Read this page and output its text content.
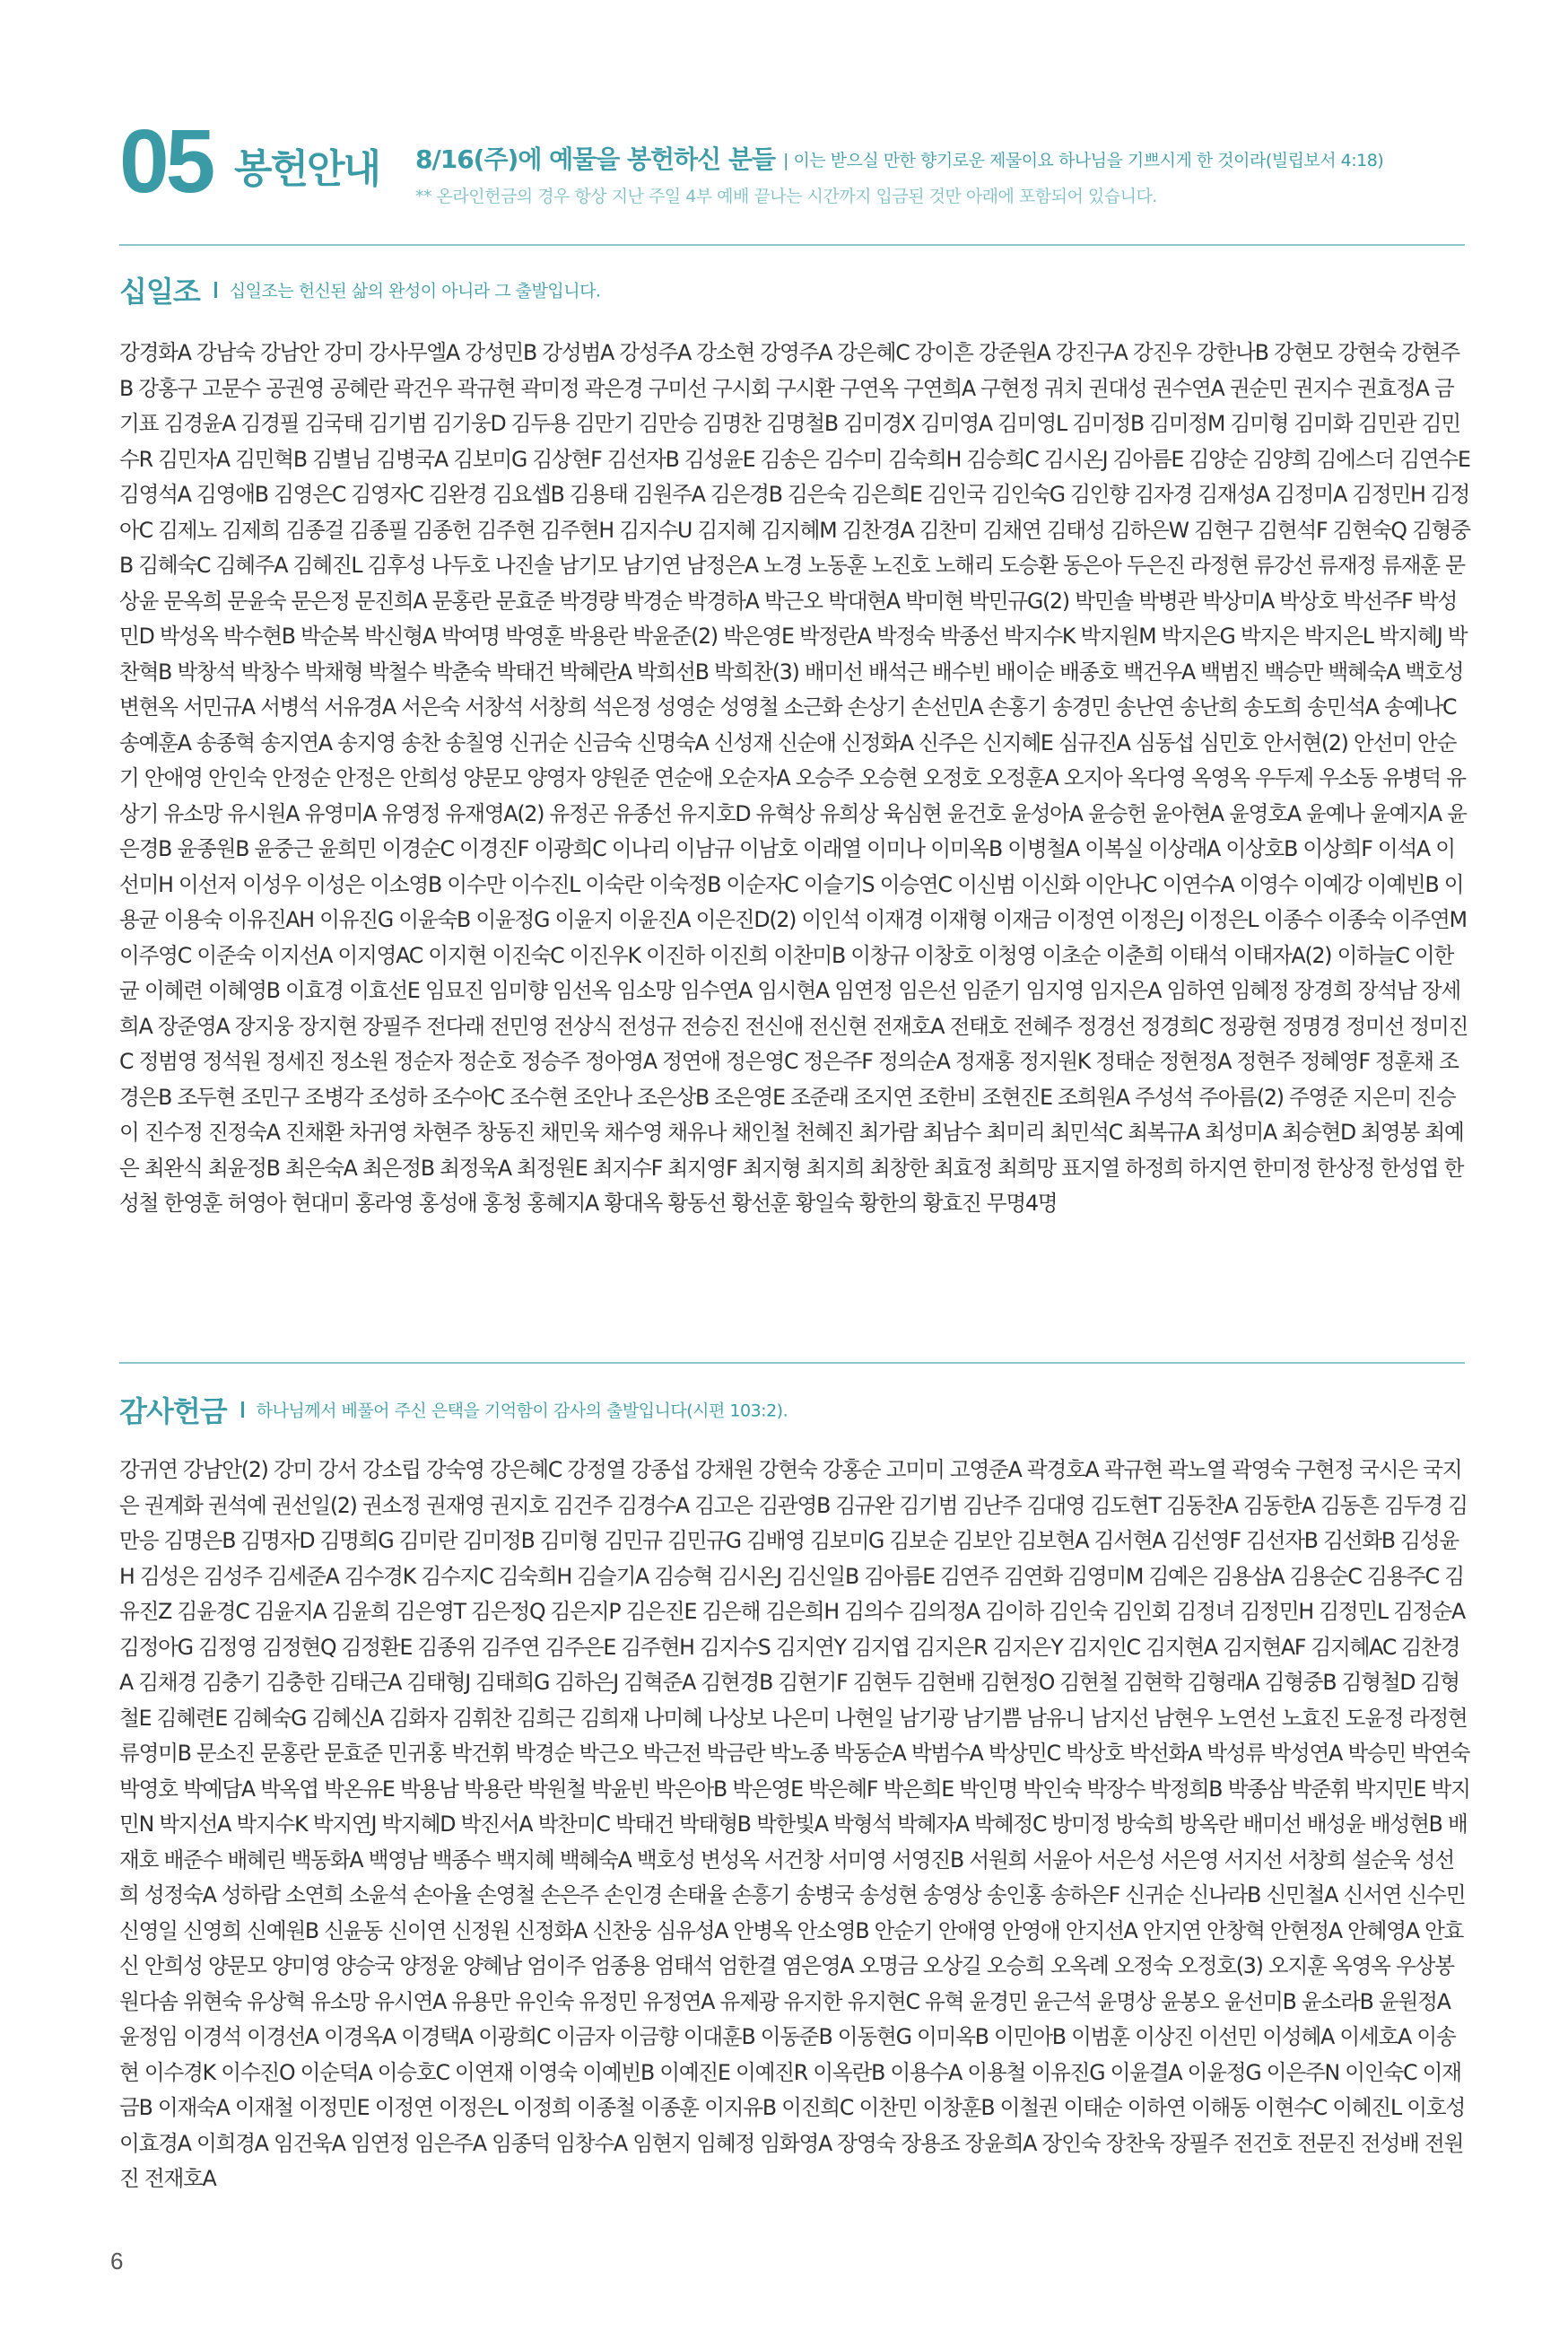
05 봉헌안내 8/16(주)에 예물을 봉헌하신 분들 | 이는 받으실 만한 향기로운 제물이요 하나님을 기쁘시게 한 것이라(빌립보서 4:18)
** 온라인헌금의 경우 항상 지난 주일 4부 예배 끝나는 시간까지 입금된 것만 아래에 포함되어 있습니다.
십일조 십일조는 헌신된 삶의 완성이 아니라 그 출발입니다.
강경화A 강남숙 강남안 강미 강사무엘A 강성민B 강성범A 강성주A 강소현 강영주A 강은혜C 강이흔 강준원A 강진구A 강진우 강한나B 강현모 강현숙 강현주B 강홍구 고문수 공권영 공혜란 곽건우 곽규현 곽미정 곽은경 구미선 구시회 구시환 구연옥 구연희A 구현정 궈치 권대성 권수연A 권순민 권지수 권효정A 금기표 김경윤A 김경필 김국태 김기범 김기웅D 김두용 김만기 김만승 김명찬 김명철B 김미경X 김미영A 김미영L 김미정B 김미정M 김미형 김미화 김민관 김민수R 김민자A 김민혁B 김별님 김병국A 김보미G 김상현F 김선자B 김성윤E 김송은 김수미 김숙희H 김승희C 김시온J 김아름E 김양순 김양희 김에스더 김연수E 김영석A 김영애B 김영은C 김영자C 김완경 김요셉B 김용태 김원주A 김은경B 김은숙 김은희E 김인국 김인숙G 김인향 김자경 김재성A 김정미A 김정민H 김정아C 김제노 김제희 김종걸 김종필 김종헌 김주현 김주현H 김지수U 김지혜 김지혜M 김찬경A 김찬미 김채연 김태성 김하은W 김현구 김현석F 김현숙Q 김형중B 김혜숙C 김혜주A 김혜진L 김후성 나두호 나진솔 남기모 남기연 남정은A 노경 노동훈 노진호 노해리 도승환 동은아 두은진 라정현 류강선 류재정 류재훈 문상윤 문옥희 문윤숙 문은정 문진희A 문홍란 문효준 박경량 박경순 박경하A 박근오 박대현A 박미현 박민규G(2) 박민솔 박병관 박상미A 박상호 박선주F 박성민D 박성옥 박수현B 박순복 박신형A 박여명 박영훈 박용란 박윤준(2) 박은영E 박정란A 박정숙 박종선 박지수K 박지원M 박지은G 박지은 박지은L 박지혜J 박찬혁B 박창석 박창수 박채형 박철수 박춘숙 박태건 박혜란A 박희선B 박희찬(3) 배미선 배석근 배수빈 배이순 배종호 백건우A 백범진 백승만 백혜숙A 백호성 변현옥 서민규A 서병석 서유경A 서은숙 서창석 서창희 석은정 성영순 성영철 소근화 손상기 손선민A 손홍기 송경민 송난연 송난희 송도희 송민석A 송예나C 송예훈A 송종혁 송지연A 송지영 송찬 송칠영 신귀순 신금숙 신명숙A 신성재 신순애 신정화A 신주은 신지혜E 심규진A 심동섭 심민호 안서현(2) 안선미 안순기 안애영 안인숙 안정순 안정은 안희성 양문모 양영자 양원준 연순애 오순자A 오승주 오승현 오정호 오정훈A 오지아 옥다영 옥영옥 우두제 우소동 유병덕 유상기 유소망 유시원A 유영미A 유영정 유재영A(2) 유정곤 유종선 유지호D 유혁상 유희상 육심현 윤건호 윤성아A 윤승헌 윤아현A 윤영호A 윤예나 윤예지A 윤은경B 윤종원B 윤중근 윤희민 이경순C 이경진F 이광희C 이나리 이남규 이남호 이래열 이미나 이미옥B 이병철A 이복실 이상래A 이상호B 이상희F 이석A 이선미H 이선저 이성우 이성은 이소영B 이수만 이수진L 이숙란 이숙정B 이순자C 이슬기S 이승연C 이신범 이신화 이안나C 이연수A 이영수 이예강 이예빈B 이용균 이용숙 이유진AH 이유진G 이윤숙B 이윤정G 이윤지 이윤진A 이은진D(2) 이인석 이재경 이재형 이재금 이정연 이정은J 이정은L 이종수 이종숙 이주연M 이주영C 이준숙 이지선A 이지영AC 이지현 이진숙C 이진우K 이진하 이진희 이찬미B 이창규 이창호 이청영 이초순 이춘희 이태석 이태자A(2) 이하늘C 이한균 이혜련 이혜영B 이효경 이효선E 임묘진 임미향 임선옥 임소망 임수연A 임시현A 임연정 임은선 임준기 임지영 임지은A 임하연 임혜정 장경희 장석남 장세희A 장준영A 장지웅 장지현 장필주 전다래 전민영 전상식 전성규 전승진 전신애 전신현 전재호A 전태호 전혜주 정경선 정경희C 정광현 정명경 정미선 정미진C 정범영 정석원 정세진 정소원 정순자 정순호 정승주 정아영A 정연애 정은영C 정은주F 정의순A 정재홍 정지원K 정태순 정현정A 정현주 정혜영F 정훈채 조경은B 조두현 조민구 조병각 조성하 조수아C 조수현 조안나 조은상B 조은영E 조준래 조지연 조한비 조현진E 조희원A 주성석 주아름(2) 주영준 지은미 진승이 진수정 진정숙A 진채환 차귀영 차현주 창동진 채민욱 채수영 채유나 채인철 천혜진 최가람 최남수 최미리 최민석C 최복규A 최성미A 최승현D 최영봉 최예은 최완식 최윤정B 최은숙A 최은정B 최정욱A 최정원E 최지수F 최지영F 최지형 최지희 최창한 최효정 최희망 표지열 하정희 하지연 한미정 한상정 한성엽 한성철 한영훈 허영아 현대미 홍라영 홍성애 홍청 홍혜지A 황대옥 황동선 황선훈 황일숙 황한의 황효진 무명4명
감사헌금 하나님께서 베풀어 주신 은택을 기억함이 감사의 출발입니다(시편 103:2).
강귀연 강남안(2) 강미 강서 강소립 강숙영 강은혜C 강정열 강종섭 강채원 강현숙 강홍순 고미미 고영준A 곽경호A 곽규현 곽노열 곽영숙 구현정 국시은 국지은 권계화 권석예 권선일(2) 권소정 권재영 권지호 김건주 김경수A 김고은 김관영B 김규완 김기범 김난주 김대영 김도현T 김동찬A 김동한A 김동흔 김두경 김만응 김명은B 김명자D 김명희G 김미란 김미정B 김미형 김민규 김민규G 김배영 김보미G 김보순 김보안 김보현A 김서현A 김선영F 김선자B 김선화B 김성윤H 김성은 김성주 김세준A 김수경K 김수지C 김숙희H 김슬기A 김승혁 김시온J 김신일B 김아름E 김연주 김연화 김영미M 김예은 김용삼A 김용순C 김용주C 김유진Z 김윤경C 김윤지A 김윤희 김은영T 김은정Q 김은지P 김은진E 김은해 김은희H 김의수 김의정A 김이하 김인숙 김인회 김정녀 김정민H 김정민L 김정순A 김정아G 김정영 김정현Q 김정환E 김종위 김주연 김주은E 김주현H 김지수S 김지연Y 김지엽 김지은R 김지은Y 김지인C 김지현A 김지현AF 김지혜AC 김찬경A 김채경 김충기 김충한 김태근A 김태형J 김태희G 김하은J 김혁준A 김현경B 김현기F 김현두 김현배 김현정O 김현철 김현학 김형래A 김형중B 김형철D 김형철E 김혜련E 김혜숙G 김혜신A 김화자 김휘찬 김희근 김희재 나미혜 나상보 나은미 나현일 남기광 남기쁨 남유니 남지선 남현우 노연선 노효진 도윤정 라정현 류영미B 문소진 문홍란 문효준 민귀홍 박건휘 박경순 박근오 박근전 박금란 박노종 박동순A 박범수A 박상민C 박상호 박선화A 박성류 박성연A 박승민 박연숙 박영호 박예담A 박옥엽 박온유E 박용남 박용란 박원철 박윤빈 박은아B 박은영E 박은혜F 박은희E 박인명 박인숙 박장수 박정희B 박종삼 박준휘 박지민E 박지민N 박지선A 박지수K 박지연J 박지혜D 박진서A 박찬미C 박태건 박태형B 박한빛A 박형석 박혜자A 박혜정C 방미정 방숙희 방옥란 배미선 배성윤 배성현B 배재호 배준수 배혜린 백동화A 백영남 백종수 백지혜 백혜숙A 백호성 변성옥 서건창 서미영 서영진B 서원희 서윤아 서은성 서은영 서지선 서창희 설순욱 성선희 성정숙A 성하람 소연희 소윤석 손아율 손영철 손은주 손인경 손태율 손흥기 송병국 송성현 송영상 송인홍 송하은F 신귀순 신나라B 신민철A 신서연 신수민 신영일 신영희 신예원B 신윤동 신이연 신정원 신정화A 신찬웅 심유성A 안병옥 안소영B 안순기 안애영 안영애 안지선A 안지연 안창혁 안현정A 안혜영A 안효신 안희성 양문모 양미영 양승국 양정윤 양혜남 엄이주 엄종용 엄태석 엄한결 염은영A 오명금 오상길 오승희 오옥례 오정숙 오정호(3) 오지훈 옥영옥 우상봉 원다솜 위현숙 유상혁 유소망 유시연A 유용만 유인숙 유정민 유정연A 유제광 유지한 유지현C 유혁 윤경민 윤근석 윤명상 윤봉오 윤선미B 윤소라B 윤원정A 윤정임 이경석 이경선A 이경옥A 이경택A 이광희C 이금자 이금향 이대훈B 이동준B 이동현G 이미옥B 이민아B 이범훈 이상진 이선민 이성혜A 이세호A 이송현 이수경K 이수진O 이순덕A 이승호C 이연재 이영숙 이예빈B 이예진E 이예진R 이옥란B 이용수A 이용철 이유진G 이윤결A 이윤정G 이은주N 이인숙C 이재금B 이재숙A 이재철 이정민E 이정연 이정은L 이정희 이종철 이종훈 이지유B 이진희C 이찬민 이창훈B 이철권 이태순 이하연 이해동 이현수C 이혜진L 이호성 이효경A 이희경A 임건욱A 임연정 임은주A 임종덕 임창수A 임현지 임혜정 임화영A 장영숙 장용조 장윤희A 장인숙 장찬욱 장필주 전건호 전문진 전성배 전원진 전재호A
6
